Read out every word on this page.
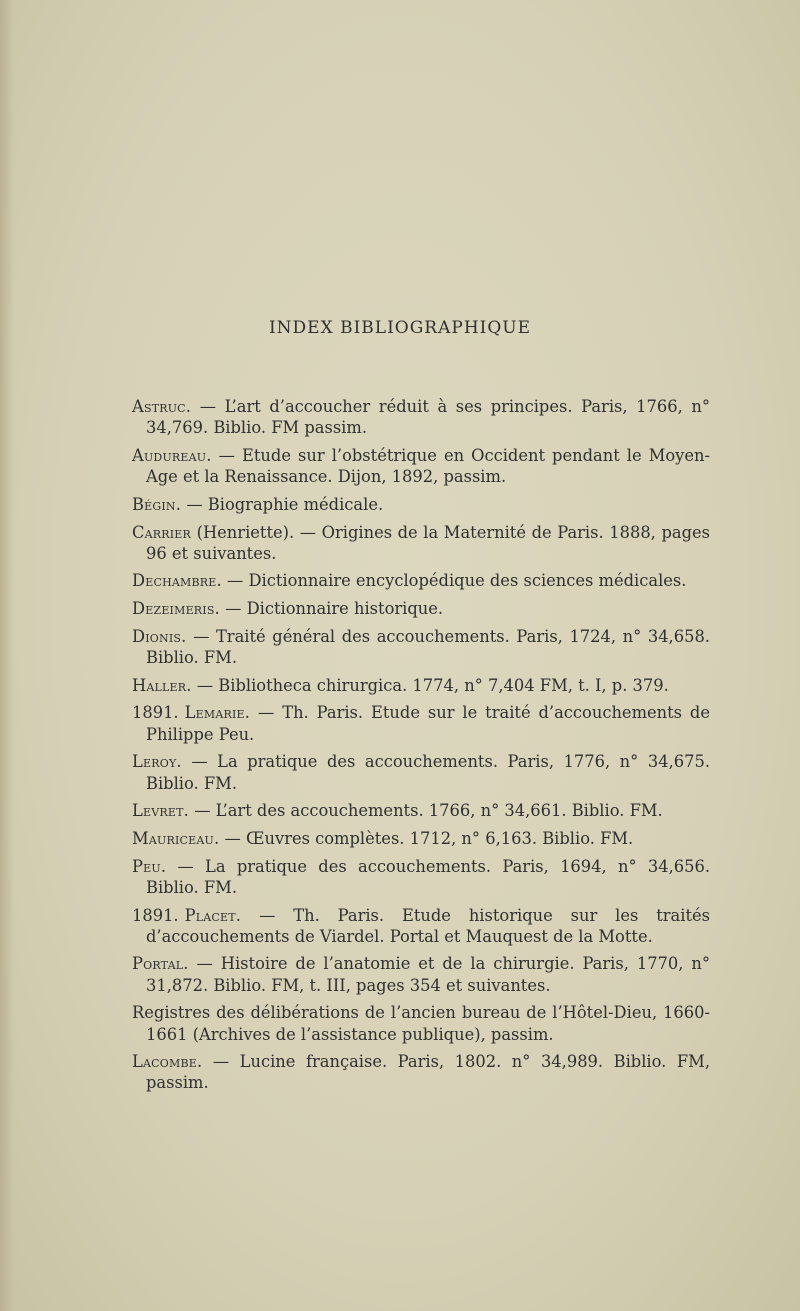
INDEX BIBLIOGRAPHIQUE

Astruc. — L’art d’accoucher réduit à ses principes. Paris, 1766, n° 34,769. Biblio. FM passim.

Audureau. — Etude sur l’obstétrique en Occident pendant le Moyen-Age et la Renaissance. Dijon, 1892, passim.

Bégin. — Biographie médicale.

Carrier (Henriette). — Origines de la Maternité de Paris. 1888, pages 96 et suivantes.

Dechambre. — Dictionnaire encyclopédique des sciences médicales.

Dezeimeris. — Dictionnaire historique.

Dionis. — Traité général des accouchements. Paris, 1724, n° 34,658. Biblio. FM.

Haller. — Bibliotheca chirurgica. 1774, n° 7,404 FM, t. I, p. 379.

1891. Lemarie. — Th. Paris. Etude sur le traité d’accouchements de Philippe Peu.

Leroy. — La pratique des accouchements. Paris, 1776, n° 34,675. Biblio. FM.

Levret. — L’art des accouchements. 1766, n° 34,661. Biblio. FM.

Mauriceau. — Œuvres complètes. 1712, n° 6,163. Biblio. FM.

Peu. — La pratique des accouchements. Paris, 1694, n° 34,656. Biblio. FM.

1891. Placet. — Th. Paris. Etude historique sur les traités d’accouchements de Viardel. Portal et Mauquest de la Motte.

Portal. — Histoire de l’anatomie et de la chirurgie. Paris, 1770, n° 31,872. Biblio. FM, t. III, pages 354 et suivantes.

Registres des délibérations de l’ancien bureau de l’Hôtel-Dieu, 1660-1661 (Archives de l’assistance publique), passim.

Lacombe. — Lucine française. Paris, 1802. n° 34,989. Biblio. FM, passim.
